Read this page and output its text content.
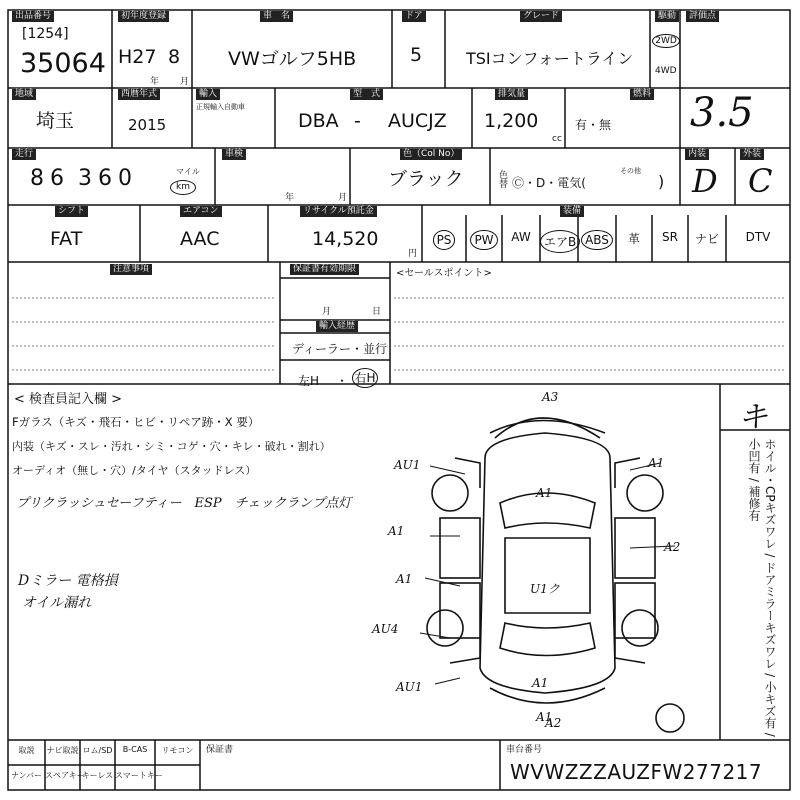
出品番号
[1254]
35064
初年度登録
H27 8
年 月
車　名
VWゴルフ5HB
ドア
5
グレード
TSIコンフォートライン
駆動
2WD
4WD
評価点
地域
埼玉
西暦年式
2015
輸入
正規輸入自動車
型　式
DBA - AUCJZ
排気量
1,200
cc
有・無
燃料 3.5
走行
8 6 3 6 0	マイル
km
車検
年	月
色（Col No）
ブラック	色替 Ⓒ・D・電気(
その他
)
内装
D
外装
C
シフト
FAT
エアコン
AAC
リサイクル預託金
14,520
円
装備
PS	PW	AW	エアB ABS	革	SR	ナビ	DTV
注意事項	保証書有効期限
月	日
輸入経歴
ディーラー・並行
左H ・ 右H
<セールスポイント>
< 検査員記入欄 >
Fガラス（キズ・飛石・ヒビ・リペア跡・X 要）
内装（キズ・スレ・汚れ・シミ・コゲ・穴・キレ・破れ・割れ）
オーディオ（無し・穴）/タイヤ（スタッドレス）
プリクラッシュセーフティー　ESP　チェックランプ点灯
Dミラー 電格損
オイル漏れ
A3
AU1	A1
A1
A1
A2
A1
A1
U1ク
AU4
AU1
A1
A2
キ
ホイル・CPキズワレ / ドアミラーキズワレ / 小キズ有 / 小凹有 / 補修有
取説	ナビ取説 ロム/SD	B-CAS	リモコン
ナンバー スペアキー
キーレス スマートキー
保証書	車台番号
WVWZZZAUZFW277217
